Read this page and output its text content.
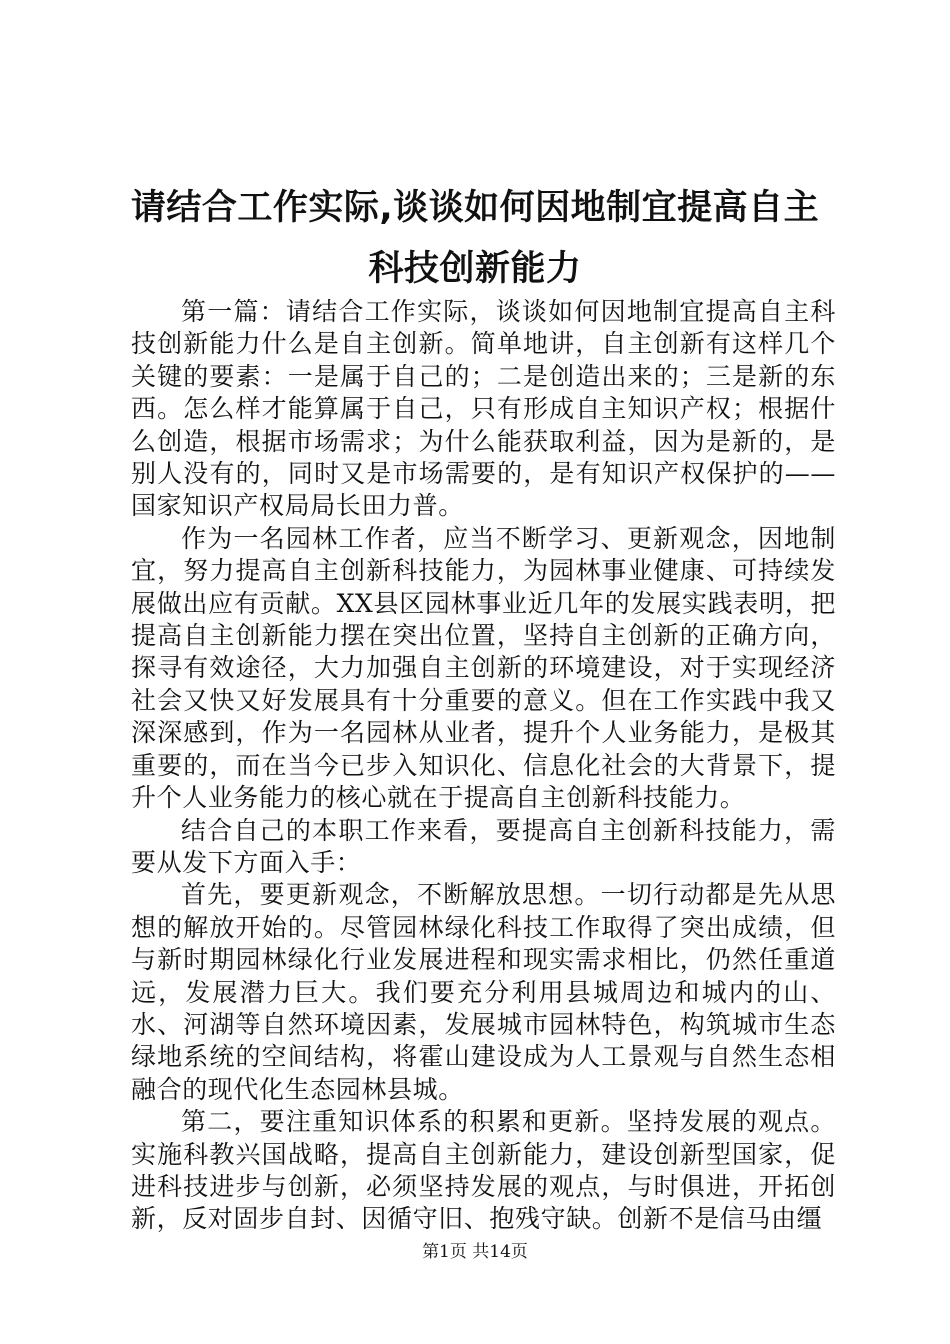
请结合工作实际,谈谈如何因地制宜提高自主
科技创新能力

第一篇：请结合工作实际，谈谈如何因地制宜提高自主科技创新能力什么是自主创新。简单地讲，自主创新有这样几个关键的要素：一是属于自己的；二是创造出来的；三是新的东西。怎么样才能算属于自己，只有形成自主知识产权；根据什么创造，根据市场需求；为什么能获取利益，因为是新的，是别人没有的，同时又是市场需要的，是有知识产权保护的——国家知识产权局局长田力普。

作为一名园林工作者，应当不断学习、更新观念，因地制宜，努力提高自主创新科技能力，为园林事业健康、可持续发展做出应有贡献。XX县区园林事业近几年的发展实践表明，把提高自主创新能力摆在突出位置，坚持自主创新的正确方向，探寻有效途径，大力加强自主创新的环境建设，对于实现经济社会又快又好发展具有十分重要的意义。但在工作实践中我又深深感到，作为一名园林从业者，提升个人业务能力，是极其重要的，而在当今已步入知识化、信息化社会的大背景下，提升个人业务能力的核心就在于提高自主创新科技能力。

结合自己的本职工作来看，要提高自主创新科技能力，需要从发下方面入手：

首先，要更新观念，不断解放思想。一切行动都是先从思想的解放开始的。尽管园林绿化科技工作取得了突出成绩，但与新时期园林绿化行业发展进程和现实需求相比，仍然任重道远，发展潜力巨大。我们要充分利用县城周边和城内的山、水、河湖等自然环境因素，发展城市园林特色，构筑城市生态绿地系统的空间结构，将霍山建设成为人工景观与自然生态相融合的现代化生态园林县城。

第二，要注重知识体系的积累和更新。坚持发展的观点。实施科教兴国战略，提高自主创新能力，建设创新型国家，促进科技进步与创新，必须坚持发展的观点，与时俱进，开拓创新，反对固步自封、因循守旧、抱残守缺。创新不是信马由缰

第1页 共14页
